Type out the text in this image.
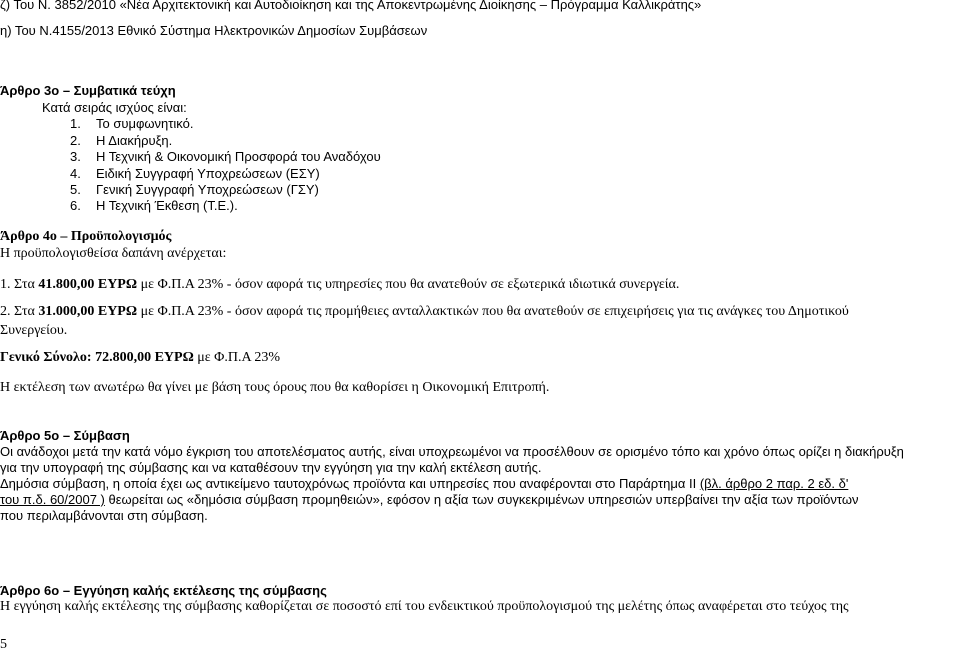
ζ) Του Ν. 3852/2010 «Νέα Αρχιτεκτονική και Αυτοδιοίκηση και της Αποκεντρωμένης Διοίκησης – Πρόγραμμα Καλλικράτης»
η) Του Ν.4155/2013 Εθνικό Σύστημα Ηλεκτρονικών Δημοσίων Συμβάσεων
Άρθρο 3ο – Συμβατικά τεύχη
Κατά σειράς ισχύος είναι:
1. Το συμφωνητικό.
2. Η Διακήρυξη.
3. Η Τεχνική & Οικονομική Προσφορά του Αναδόχου
4. Ειδική Συγγραφή Υποχρεώσεων (ΕΣΥ)
5. Γενική Συγγραφή Υποχρεώσεων (ΓΣΥ)
6. Η Τεχνική Έκθεση (Τ.Ε.).
Άρθρο 4ο – Προϋπολογισμός
Η προϋπολογισθείσα δαπάνη ανέρχεται:
1. Στα 41.800,00 ΕΥΡΩ με Φ.Π.Α 23% - όσον αφορά τις υπηρεσίες που θα ανατεθούν σε εξωτερικά ιδιωτικά συνεργεία.
2. Στα 31.000,00 ΕΥΡΩ με Φ.Π.Α 23% - όσον αφορά τις προμήθειες ανταλλακτικών που θα ανατεθούν σε επιχειρήσεις για τις ανάγκες του Δημοτικού
Συνεργείου.
Γενικό Σύνολο: 72.800,00 ΕΥΡΩ με Φ.Π.Α 23%
Η εκτέλεση των ανωτέρω θα γίνει με βάση τους όρους που θα καθορίσει η Οικονομική Επιτροπή.
Άρθρο 5ο – Σύμβαση
Οι ανάδοχοι μετά την κατά νόμο έγκριση του αποτελέσματος αυτής, είναι υποχρεωμένοι να προσέλθουν σε ορισμένο τόπο και χρόνο όπως ορίζει η διακήρυξη
για την υπογραφή της σύμβασης και να καταθέσουν την εγγύηση για την καλή εκτέλεση αυτής.
Δημόσια σύμβαση, η οποία έχει ως αντικείμενο ταυτοχρόνως προϊόντα και υπηρεσίες που αναφέρονται στο Παράρτημα ΙΙ (βλ. άρθρο 2 παρ. 2 εδ. δ'
του π.δ. 60/2007 ) θεωρείται ως «δημόσια σύμβαση προμηθειών», εφόσον η αξία των συγκεκριμένων υπηρεσιών υπερβαίνει την αξία των προϊόντων
που περιλαμβάνονται στη σύμβαση.
Άρθρο 6ο – Εγγύηση καλής εκτέλεσης της σύμβασης
Η εγγύηση καλής εκτέλεσης της σύμβασης καθορίζεται σε ποσοστό επί του ενδεικτικού προϋπολογισμού της μελέτης όπως αναφέρεται στο τεύχος της
5
